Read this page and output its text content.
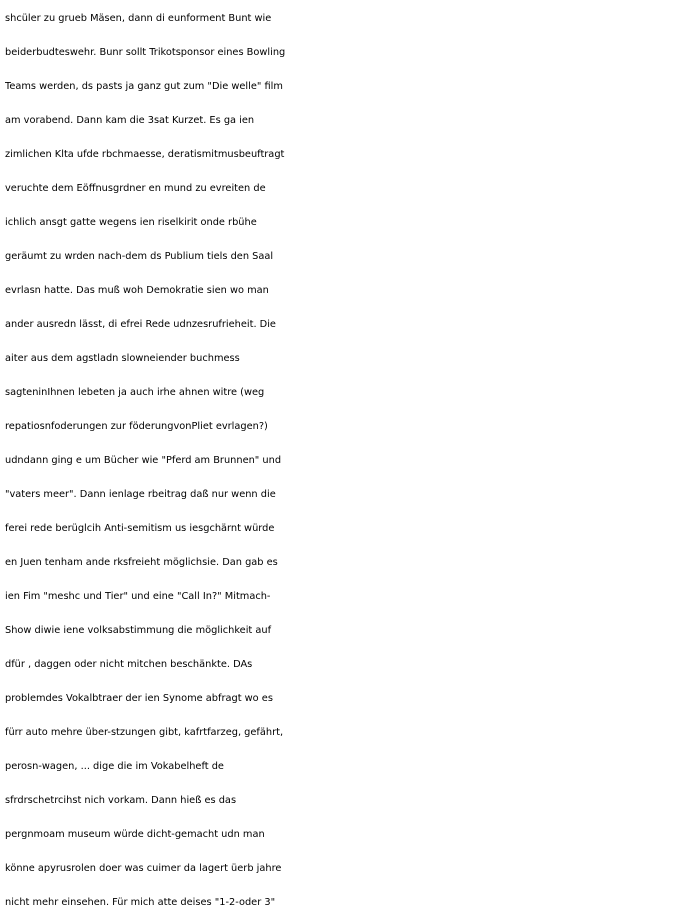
shcüler zu grueb Mäsen, dann di eunforment Bunt wie
beiderbudteswehr. Bunr sollt Trikotsponsor eines Bowling
Teams werden, ds pasts ja ganz gut zum "Die welle" film
am vorabend. Dann kam die 3sat Kurzet. Es ga ien
zimlichen Klta ufde rbchmaesse, deratismitmusbeuftragt
veruchte dem Eöffnusgrdner en mund zu evreiten de
ichlich ansgt gatte wegens ien riselkirit onde rbühe
geräumt zu wrden nach-dem ds Publium tiels den Saal
evrlasn hatte. Das muß woh Demokratie sien wo man
ander ausredn lässt, di efrei Rede udnzesrufrieheit. Die
aiter aus dem agstladn slowneiender buchmess
sagteninIhnen lebeten ja auch irhe ahnen witre (weg
repatiosnfoderungen zur föderungvonPliet evrlagen?)
udndann ging e um Bücher wie "Pferd am Brunnen" und
"vaters meer". Dann ienlage rbeitrag daß nur wenn die
ferei rede berüglcih Anti-semitism us iesgchärnt würde
en Juen tenham ande rksfreieht möglichsie. Dan gab es
ien Fim "meshc und Tier" und eine "Call In?" Mitmach-
Show diwie iene volksabstimmung die möglichkeit auf
dfür , daggen oder nicht mitchen beschänkte. DAs
problemdes Vokalbtraer der ien Synome abfragt wo es
fürr auto mehre über-stzungen gibt, kafrtfarzeg, gefährt,
perosn-wagen, ... dige die im Vokabelheft de
sfrdrschetrcihst nich vorkam. Dann hieß es das
pergnmoam museum würde dicht-gemacht udn man
könne apyrusrolen doer was cuimer da lagert üerb jahre
nicht mehr einsehen. Für mich atte deises "1-2-oder 3"
